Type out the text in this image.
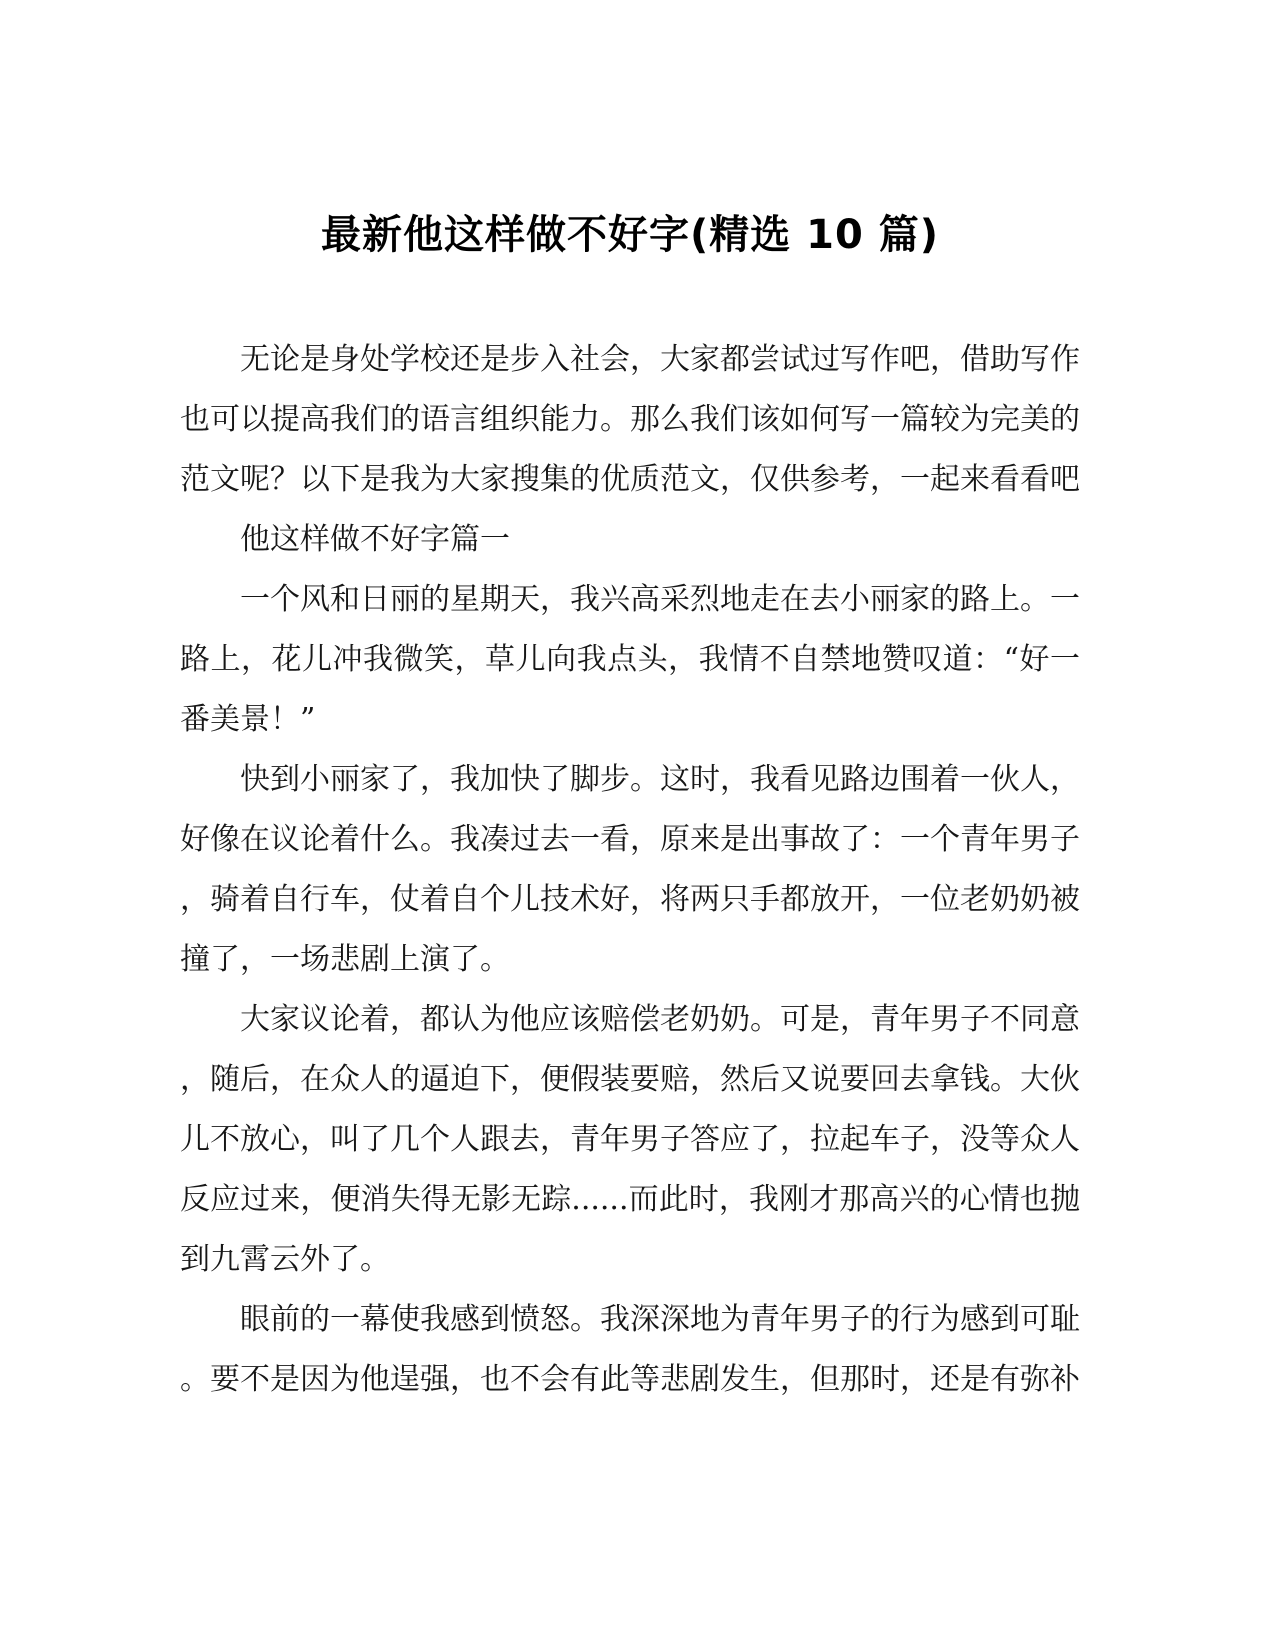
最新他这样做不好字(精选 10 篇)

无论是身处学校还是步入社会，大家都尝试过写作吧，借助写作也可以提高我们的语言组织能力。那么我们该如何写一篇较为完美的范文呢？以下是我为大家搜集的优质范文，仅供参考，一起来看看吧

他这样做不好字篇一

一个风和日丽的星期天，我兴高采烈地走在去小丽家的路上。一路上，花儿冲我微笑，草儿向我点头，我情不自禁地赞叹道：“好一番美景！”

快到小丽家了，我加快了脚步。这时，我看见路边围着一伙人，好像在议论着什么。我凑过去一看，原来是出事故了：一个青年男子，骑着自行车，仗着自个儿技术好，将两只手都放开，一位老奶奶被撞了，一场悲剧上演了。

大家议论着，都认为他应该赔偿老奶奶。可是，青年男子不同意，随后，在众人的逼迫下，便假装要赔，然后又说要回去拿钱。大伙儿不放心，叫了几个人跟去，青年男子答应了，拉起车子，没等众人反应过来，便消失得无影无踪......而此时，我刚才那高兴的心情也抛到九霄云外了。

眼前的一幕使我感到愤怒。我深深地为青年男子的行为感到可耻。要不是因为他逞强，也不会有此等悲剧发生，但那时，还是有弥补
